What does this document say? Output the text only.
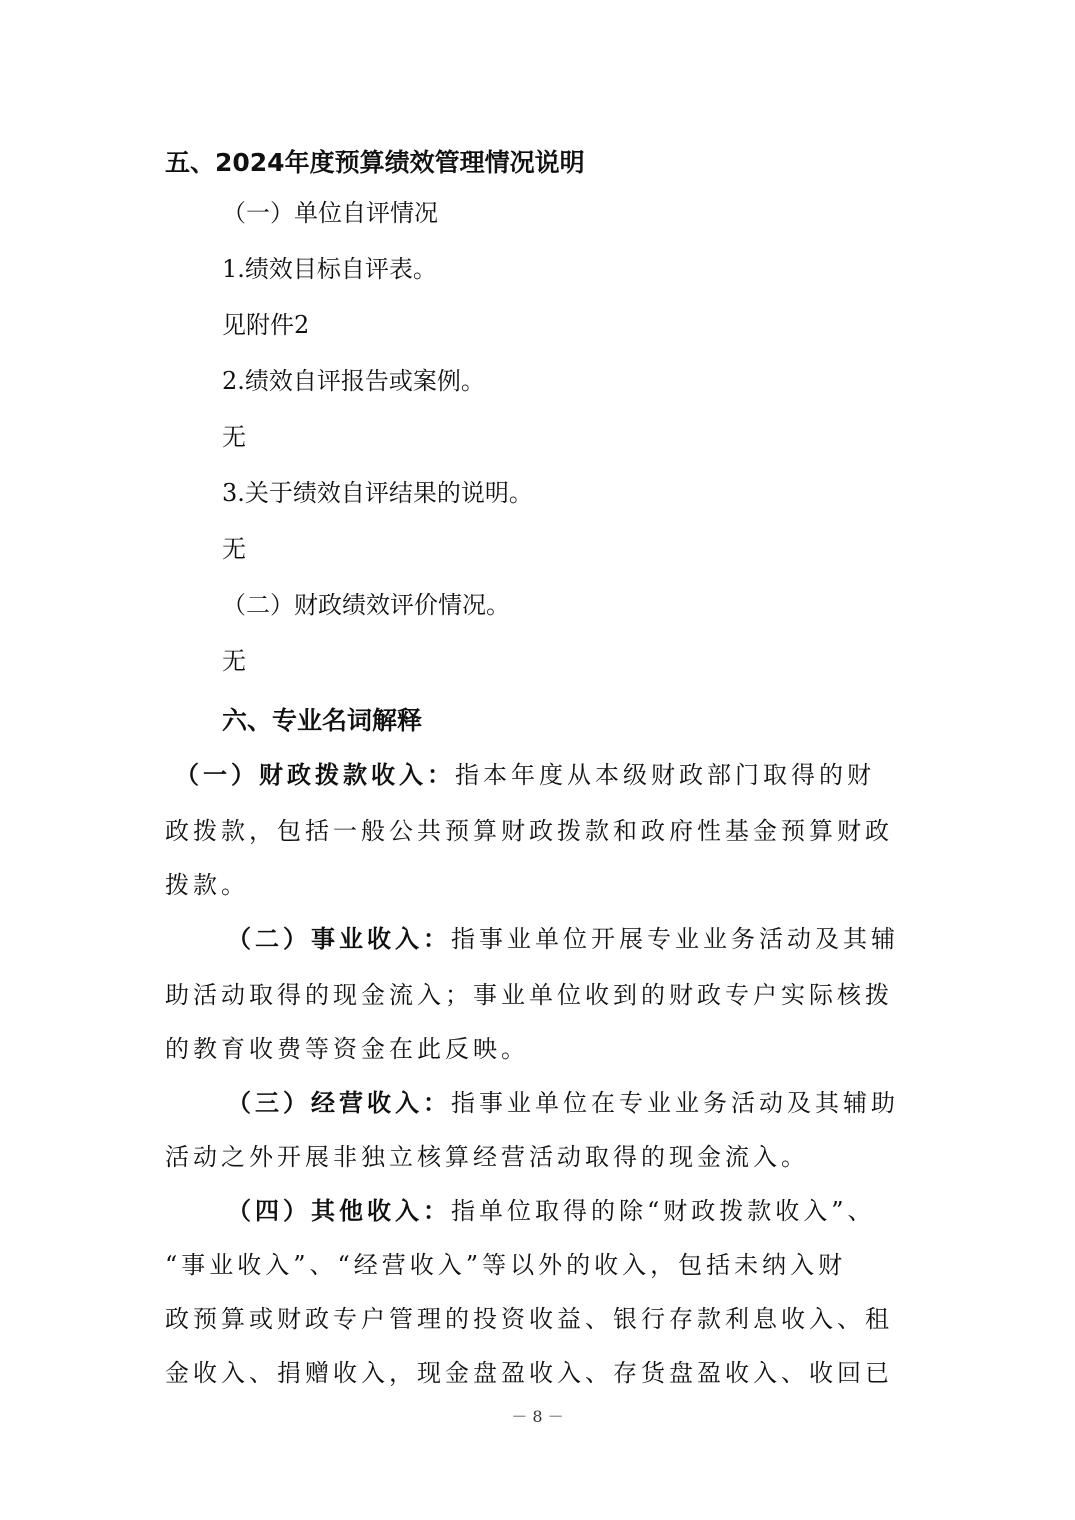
五、2024年度预算绩效管理情况说明
（一）单位自评情况
1.绩效目标自评表。
见附件2
2.绩效自评报告或案例。
无
3.关于绩效自评结果的说明。
无
（二）财政绩效评价情况。
无
六、专业名词解释
（一）财政拨款收入：指本年度从本级财政部门取得的财
政拨款，包括一般公共预算财政拨款和政府性基金预算财政
拨款。
（二）事业收入：指事业单位开展专业业务活动及其辅
助活动取得的现金流入；事业单位收到的财政专户实际核拨
的教育收费等资金在此反映。
（三）经营收入：指事业单位在专业业务活动及其辅助
活动之外开展非独立核算经营活动取得的现金流入。
（四）其他收入：指单位取得的除“财政拨款收入”、
“事业收入”、“经营收入”等以外的收入，包括未纳入财
政预算或财政专户管理的投资收益、银行存款利息收入、租
金收入、捐赠收入，现金盘盈收入、存货盘盈收入、收回已
－ 8 －
